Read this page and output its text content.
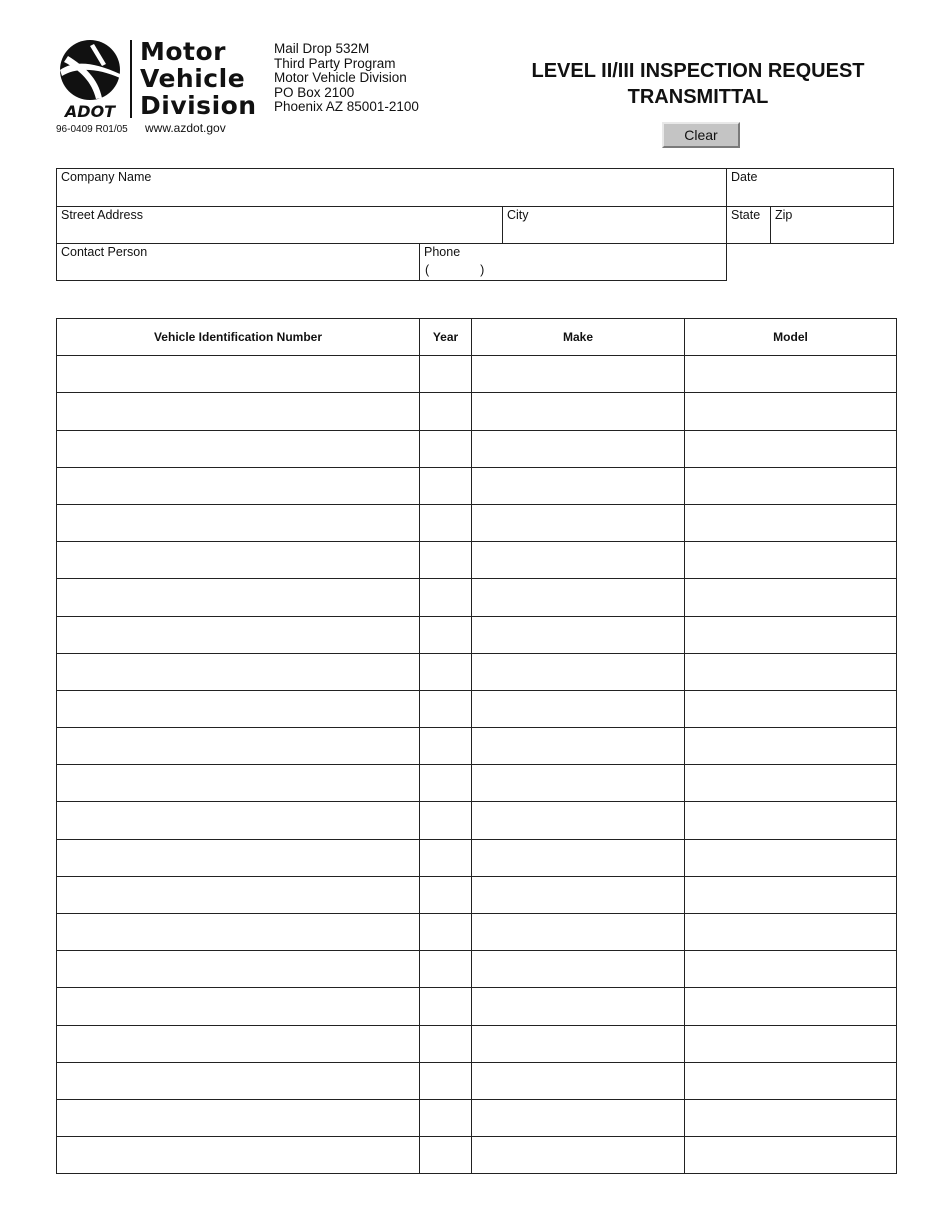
ADOT
Motor
Vehicle
Division
96-0409 R01/05 www.azdot.gov
Mail Drop 532M
Third Party Program
Motor Vehicle Division
PO Box 2100
Phoenix AZ 85001-2100
LEVEL II/III INSPECTION REQUEST
TRANSMITTAL
Clear
Company Name	Date
Street Address	City	State Zip
Contact Person	Phone
(	)
Vehicle Identification Number	Year	Make	Model
